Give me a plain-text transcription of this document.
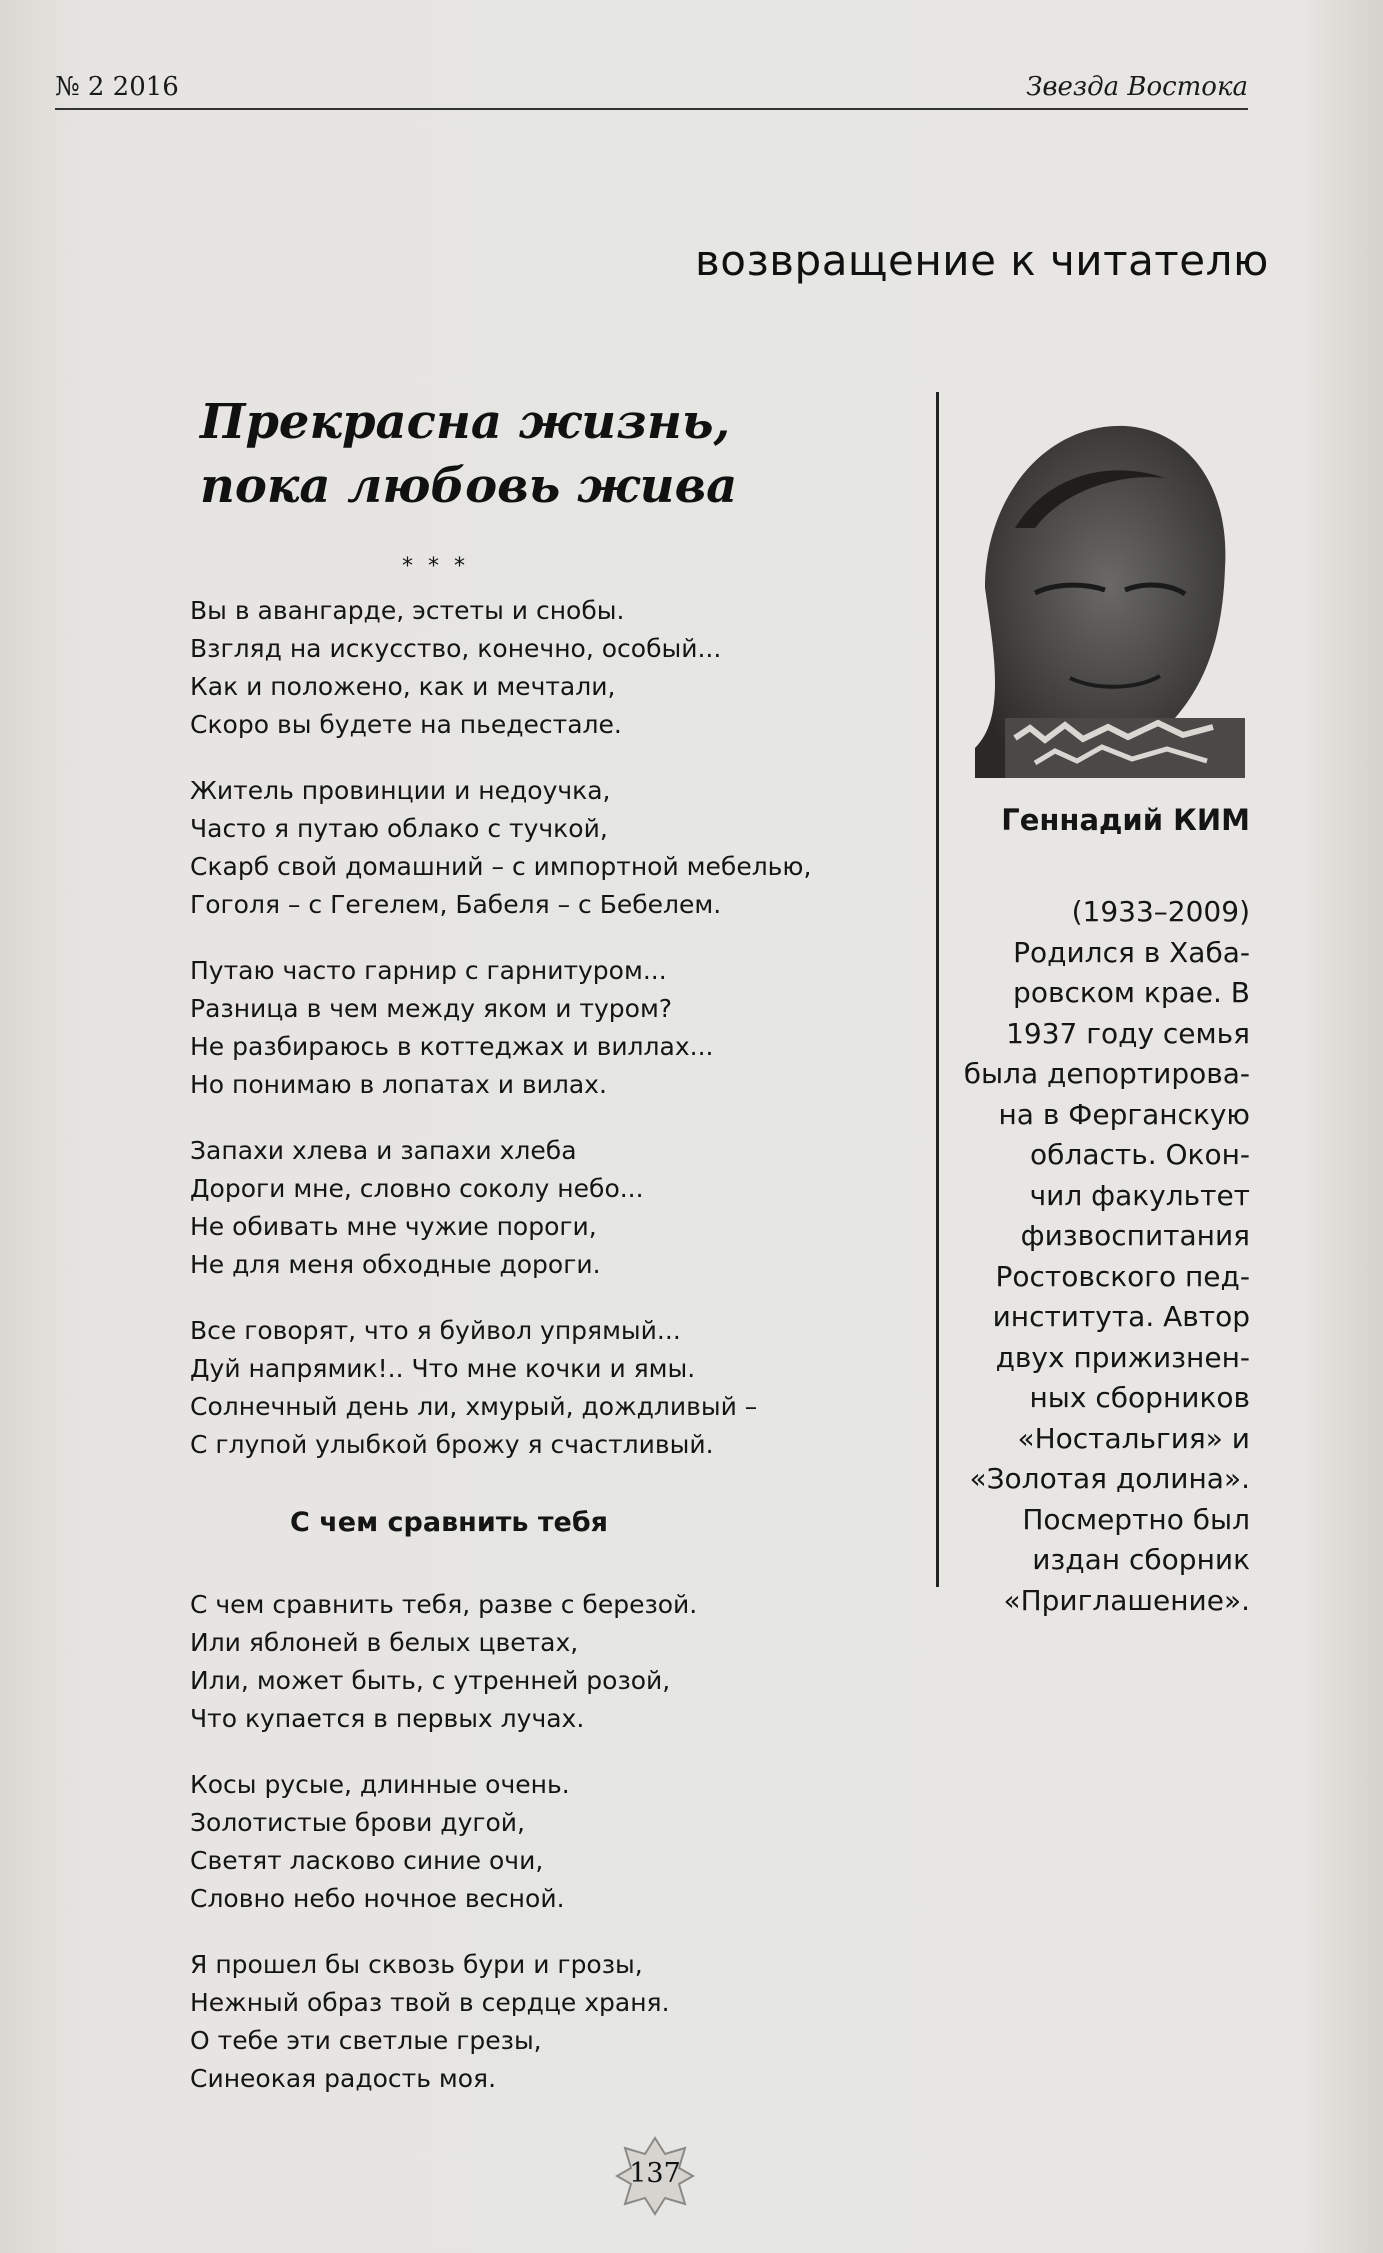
№ 2 2016	Звезда Востока
возвращение к читателю
Прекрасна жизнь,
пока любовь жива
* * *
Вы в авангарде, эстеты и снобы.
Взгляд на искусство, конечно, особый...
Как и положено, как и мечтали,
Скоро вы будете на пьедестале.
Житель провинции и недоучка,
Часто я путаю облако с тучкой,
Скарб свой домашний – с импортной мебелью,
Гоголя – с Гегелем, Бабеля – с Бебелем.
Путаю часто гарнир с гарнитуром...
Разница в чем между яком и туром?
Не разбираюсь в коттеджах и виллах...
Но понимаю в лопатах и вилах.
Запахи хлева и запахи хлеба
Дороги мне, словно соколу небо...
Не обивать мне чужие пороги,
Не для меня обходные дороги.
Все говорят, что я буйвол упрямый...
Дуй напрямик!.. Что мне кочки и ямы.
Солнечный день ли, хмурый, дождливый –
С глупой улыбкой брожу я счастливый.
С чем сравнить тебя
С чем сравнить тебя, разве с березой.
Или яблоней в белых цветах,
Или, может быть, с утренней розой,
Что купается в первых лучах.
Косы русые, длинные очень.
Золотистые брови дугой,
Светят ласково синие очи,
Словно небо ночное весной.
Я прошел бы сквозь бури и грозы,
Нежный образ твой в сердце храня.
О тебе эти светлые грезы,
Синеокая радость моя.
Геннадий КИМ
(1933–2009)
Родился в Хаба-
ровском крае. В
1937 году семья
была депортирова-
на в Ферганскую
область. Окон-
чил факультет
физвоспитания
Ростовского пед-
института. Автор
двух прижизнен-
ных сборников
«Ностальгия» и
«Золотая долина».
Посмертно был
издан сборник
«Приглашение».
137
